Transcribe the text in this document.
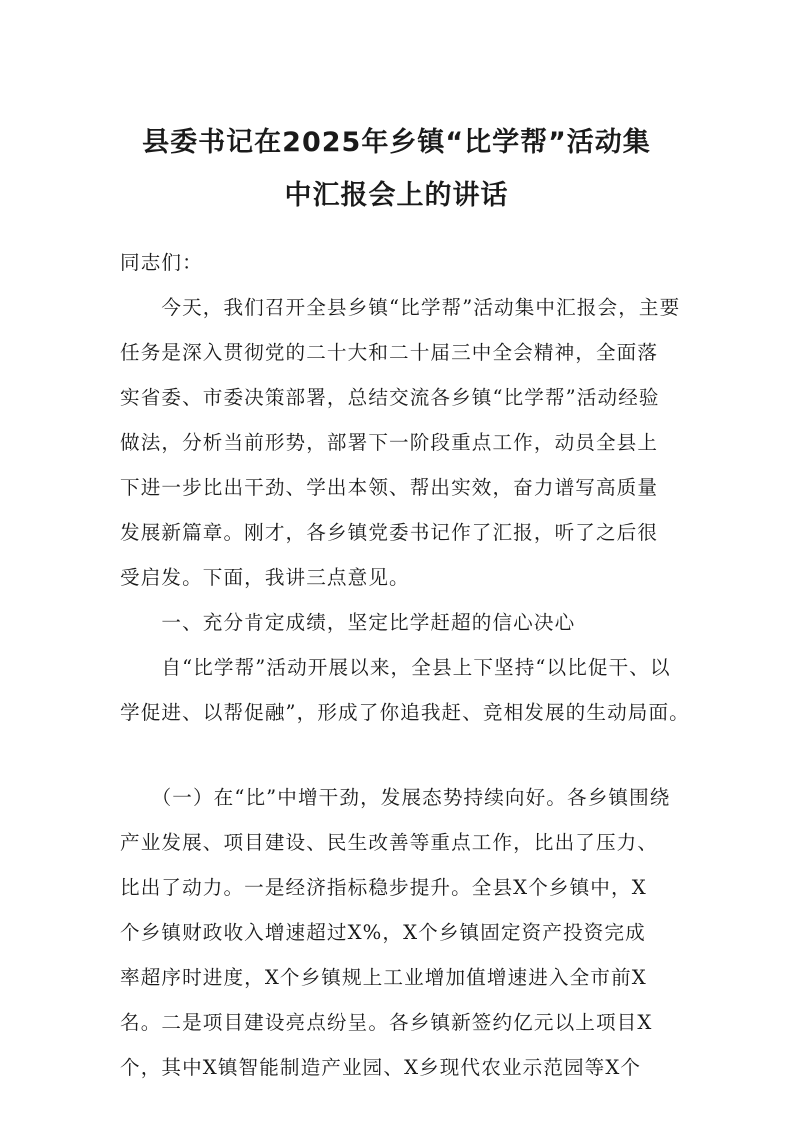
县委书记在2025年乡镇“比学帮”活动集
中汇报会上的讲话

同志们：

　　今天，我们召开全县乡镇“比学帮”活动集中汇报会，主要

任务是深入贯彻党的二十大和二十届三中全会精神，全面落

实省委、市委决策部署，总结交流各乡镇“比学帮”活动经验

做法，分析当前形势，部署下一阶段重点工作，动员全县上

下进一步比出干劲、学出本领、帮出实效，奋力谱写高质量

发展新篇章。刚才，各乡镇党委书记作了汇报，听了之后很

受启发。下面，我讲三点意见。

　　一、充分肯定成绩，坚定比学赶超的信心决心

　　自“比学帮”活动开展以来，全县上下坚持“以比促干、以

学促进、以帮促融”，形成了你追我赶、竞相发展的生动局面。

　　（一）在“比”中增干劲，发展态势持续向好。各乡镇围绕

产业发展、项目建设、民生改善等重点工作，比出了压力、

比出了动力。一是经济指标稳步提升。全县X个乡镇中，X

个乡镇财政收入增速超过X%，X个乡镇固定资产投资完成

率超序时进度，X个乡镇规上工业增加值增速进入全市前X

名。二是项目建设亮点纷呈。各乡镇新签约亿元以上项目X

个，其中X镇智能制造产业园、X乡现代农业示范园等X个
